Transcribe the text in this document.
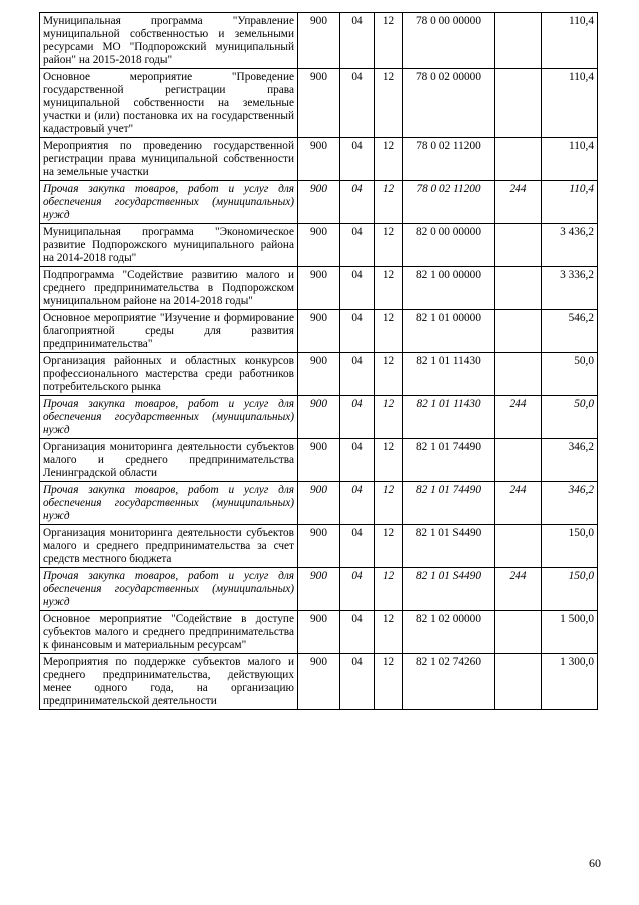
Муниципальная программа "Управление муниципальной собственностью и земельными ресурсами МО "Подпорожский муниципальный район" на 2015-2018 годы"	900	04	12	78 0 00 00000		110,4
Основное мероприятие "Проведение государственной регистрации права муниципальной собственности на земельные участки и (или) постановка их на государственный кадастровый учет"	900	04	12	78 0 02 00000		110,4
Мероприятия по проведению государственной регистрации права муниципальной собственности на земельные участки	900	04	12	78 0 02 11200		110,4
Прочая закупка товаров, работ и услуг для обеспечения государственных (муниципальных) нужд	900	04	12	78 0 02 11200	244	110,4
Муниципальная программа "Экономическое развитие Подпорожского муниципального района на 2014-2018 годы"	900	04	12	82 0 00 00000		3 436,2
Подпрограмма "Содействие развитию малого и среднего предпринимательства в Подпорожском муниципальном районе на 2014-2018 годы"	900	04	12	82 1 00 00000		3 336,2
Основное мероприятие "Изучение и формирование благоприятной среды для развития предпринимательства"	900	04	12	82 1 01 00000		546,2
Организация районных и областных конкурсов профессионального мастерства среди работников потребительского рынка	900	04	12	82 1 01 11430		50,0
Прочая закупка товаров, работ и услуг для обеспечения государственных (муниципальных) нужд	900	04	12	82 1 01 11430	244	50,0
Организация мониторинга деятельности субъектов малого и среднего предпринимательства Ленинградской области	900	04	12	82 1 01 74490		346,2
Прочая закупка товаров, работ и услуг для обеспечения государственных (муниципальных) нужд	900	04	12	82 1 01 74490	244	346,2
Организация мониторинга деятельности субъектов малого и среднего предпринимательства за счет средств местного бюджета	900	04	12	82 1 01 S4490		150,0
Прочая закупка товаров, работ и услуг для обеспечения государственных (муниципальных) нужд	900	04	12	82 1 01 S4490	244	150,0
Основное мероприятие "Содействие в доступе субъектов малого и среднего предпринимательства к финансовым и материальным ресурсам"	900	04	12	82 1 02 00000		1 500,0
Мероприятия по поддержке субъектов малого и среднего предпринимательства, действующих менее одного года, на организацию предпринимательской деятельности	900	04	12	82 1 02 74260		1 300,0
60
